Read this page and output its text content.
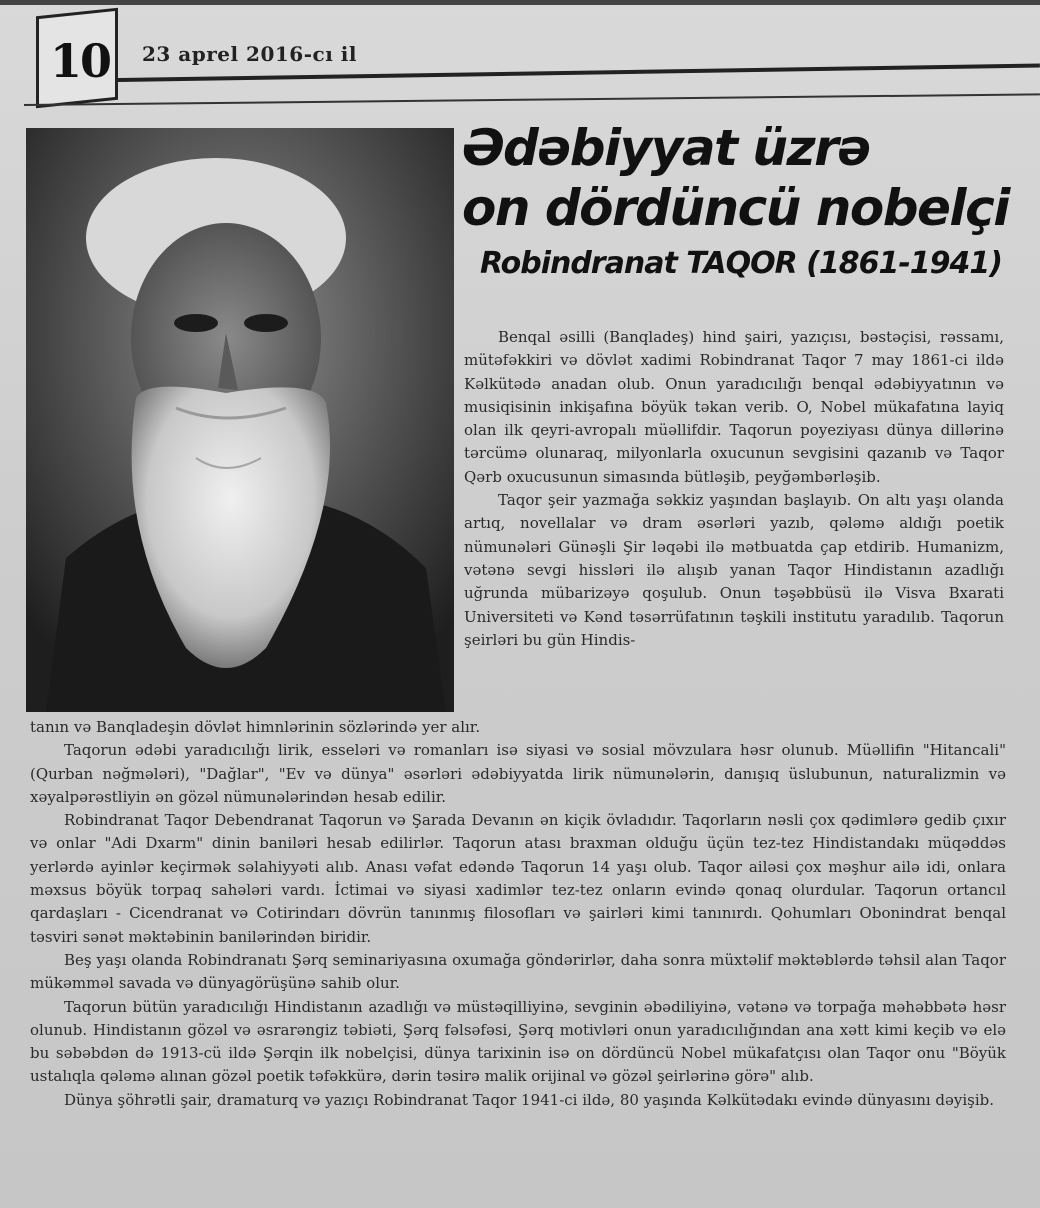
10 23 aprel 2016-cı il
Ədəbiyyat üzrə
on dördüncü nobelçi
Robindranat TAQOR (1861-1941)

Benqal əsilli (Banqladeş) hind şairi, yazıçısı, bəstəçisi, rəssamı, mütəfəkkiri və dövlət xadimi Robindranat Taqor 7 may 1861-ci ildə Kəlkütədə anadan olub. Onun yaradıcılığı benqal ədəbiyyatının və musiqisinin inkişafına böyük təkan verib. O, Nobel mükafatına layiq olan ilk qeyri-avropalı müəllifdir. Taqorun poyeziyası dünya dillərinə tərcümə olunaraq, milyonlarla oxucunun sevgisini qazanıb və Taqor Qərb oxucusunun simasında bütləşib, peyğəmbərləşib.

Taqor şeir yazmağa səkkiz yaşından başlayıb. On altı yaşı olanda artıq, novellalar və dram əsərləri yazıb, qələmə aldığı poetik nümunələri Günəşli Şir ləqəbi ilə mətbuatda çap etdirib. Humanizm, vətənə sevgi hissləri ilə alışıb yanan Taqor Hindistanın azadlığı uğrunda mübarizəyə qoşulub. Onun təşəbbüsü ilə Visva Bxarati Universiteti və Kənd təsərrüfatının təşkili institutu yaradılıb. Taqorun şeirləri bu gün Hindis-

tanın və Banqladeşin dövlət himnlərinin sözlərində yer alır.

Taqorun ədəbi yaradıcılığı lirik, esseləri və romanları isə siyasi və sosial mövzulara həsr olunub. Müəllifin "Hitancali" (Qurban nəğmələri), "Dağlar", "Ev və dünya" əsərləri ədəbiyyatda lirik nümunələrin, danışıq üslubunun, naturalizmin və xəyalpərəstliyin ən gözəl nümunələrindən hesab edilir.

Robindranat Taqor Debendranat Taqorun və Şarada Devanın ən kiçik övladıdır. Taqorların nəsli çox qədimlərə gedib çıxır və onlar "Adi Dxarm" dinin baniləri hesab edilirlər. Taqorun atası braxman olduğu üçün tez-tez Hindistandakı müqəddəs yerlərdə ayinlər keçirmək səlahiyyəti alıb. Anası vəfat edəndə Taqorun 14 yaşı olub. Taqor ailəsi çox məşhur ailə idi, onlara məxsus böyük torpaq sahələri vardı. İctimai və siyasi xadimlər tez-tez onların evində qonaq olurdular. Taqorun ortancıl qardaşları - Cicendranat və Cotirindarı dövrün tanınmış filosofları və şairləri kimi tanınırdı. Qohumları Obonindrat benqal təsviri sənət məktəbinin banilərindən biridir.

Beş yaşı olanda Robindranatı Şərq seminariyasına oxumağa göndərirlər, daha sonra müxtəlif məktəblərdə təhsil alan Taqor mükəmməl savada və dünyagörüşünə sahib olur.

Taqorun bütün yaradıcılığı Hindistanın azadlığı və müstəqilliyinə, sevginin əbədiliyinə, vətənə və torpağa məhəbbətə həsr olunub. Hindistanın gözəl və əsrarəngiz təbiəti, Şərq fəlsəfəsi, Şərq motivləri onun yaradıcılığından ana xətt kimi keçib və elə bu səbəbdən də 1913-cü ildə Şərqin ilk nobelçisi, dünya tarixinin isə on dördüncü Nobel mükafatçısı olan Taqor onu "Böyük ustalıqla qələmə alınan gözəl poetik təfəkkürə, dərin təsirə malik orijinal və gözəl şeirlərinə görə" alıb.

Dünya şöhrətli şair, dramaturq və yazıçı Robindranat Taqor 1941-ci ildə, 80 yaşında Kəlkütədakı evində dünyasını dəyişib.
